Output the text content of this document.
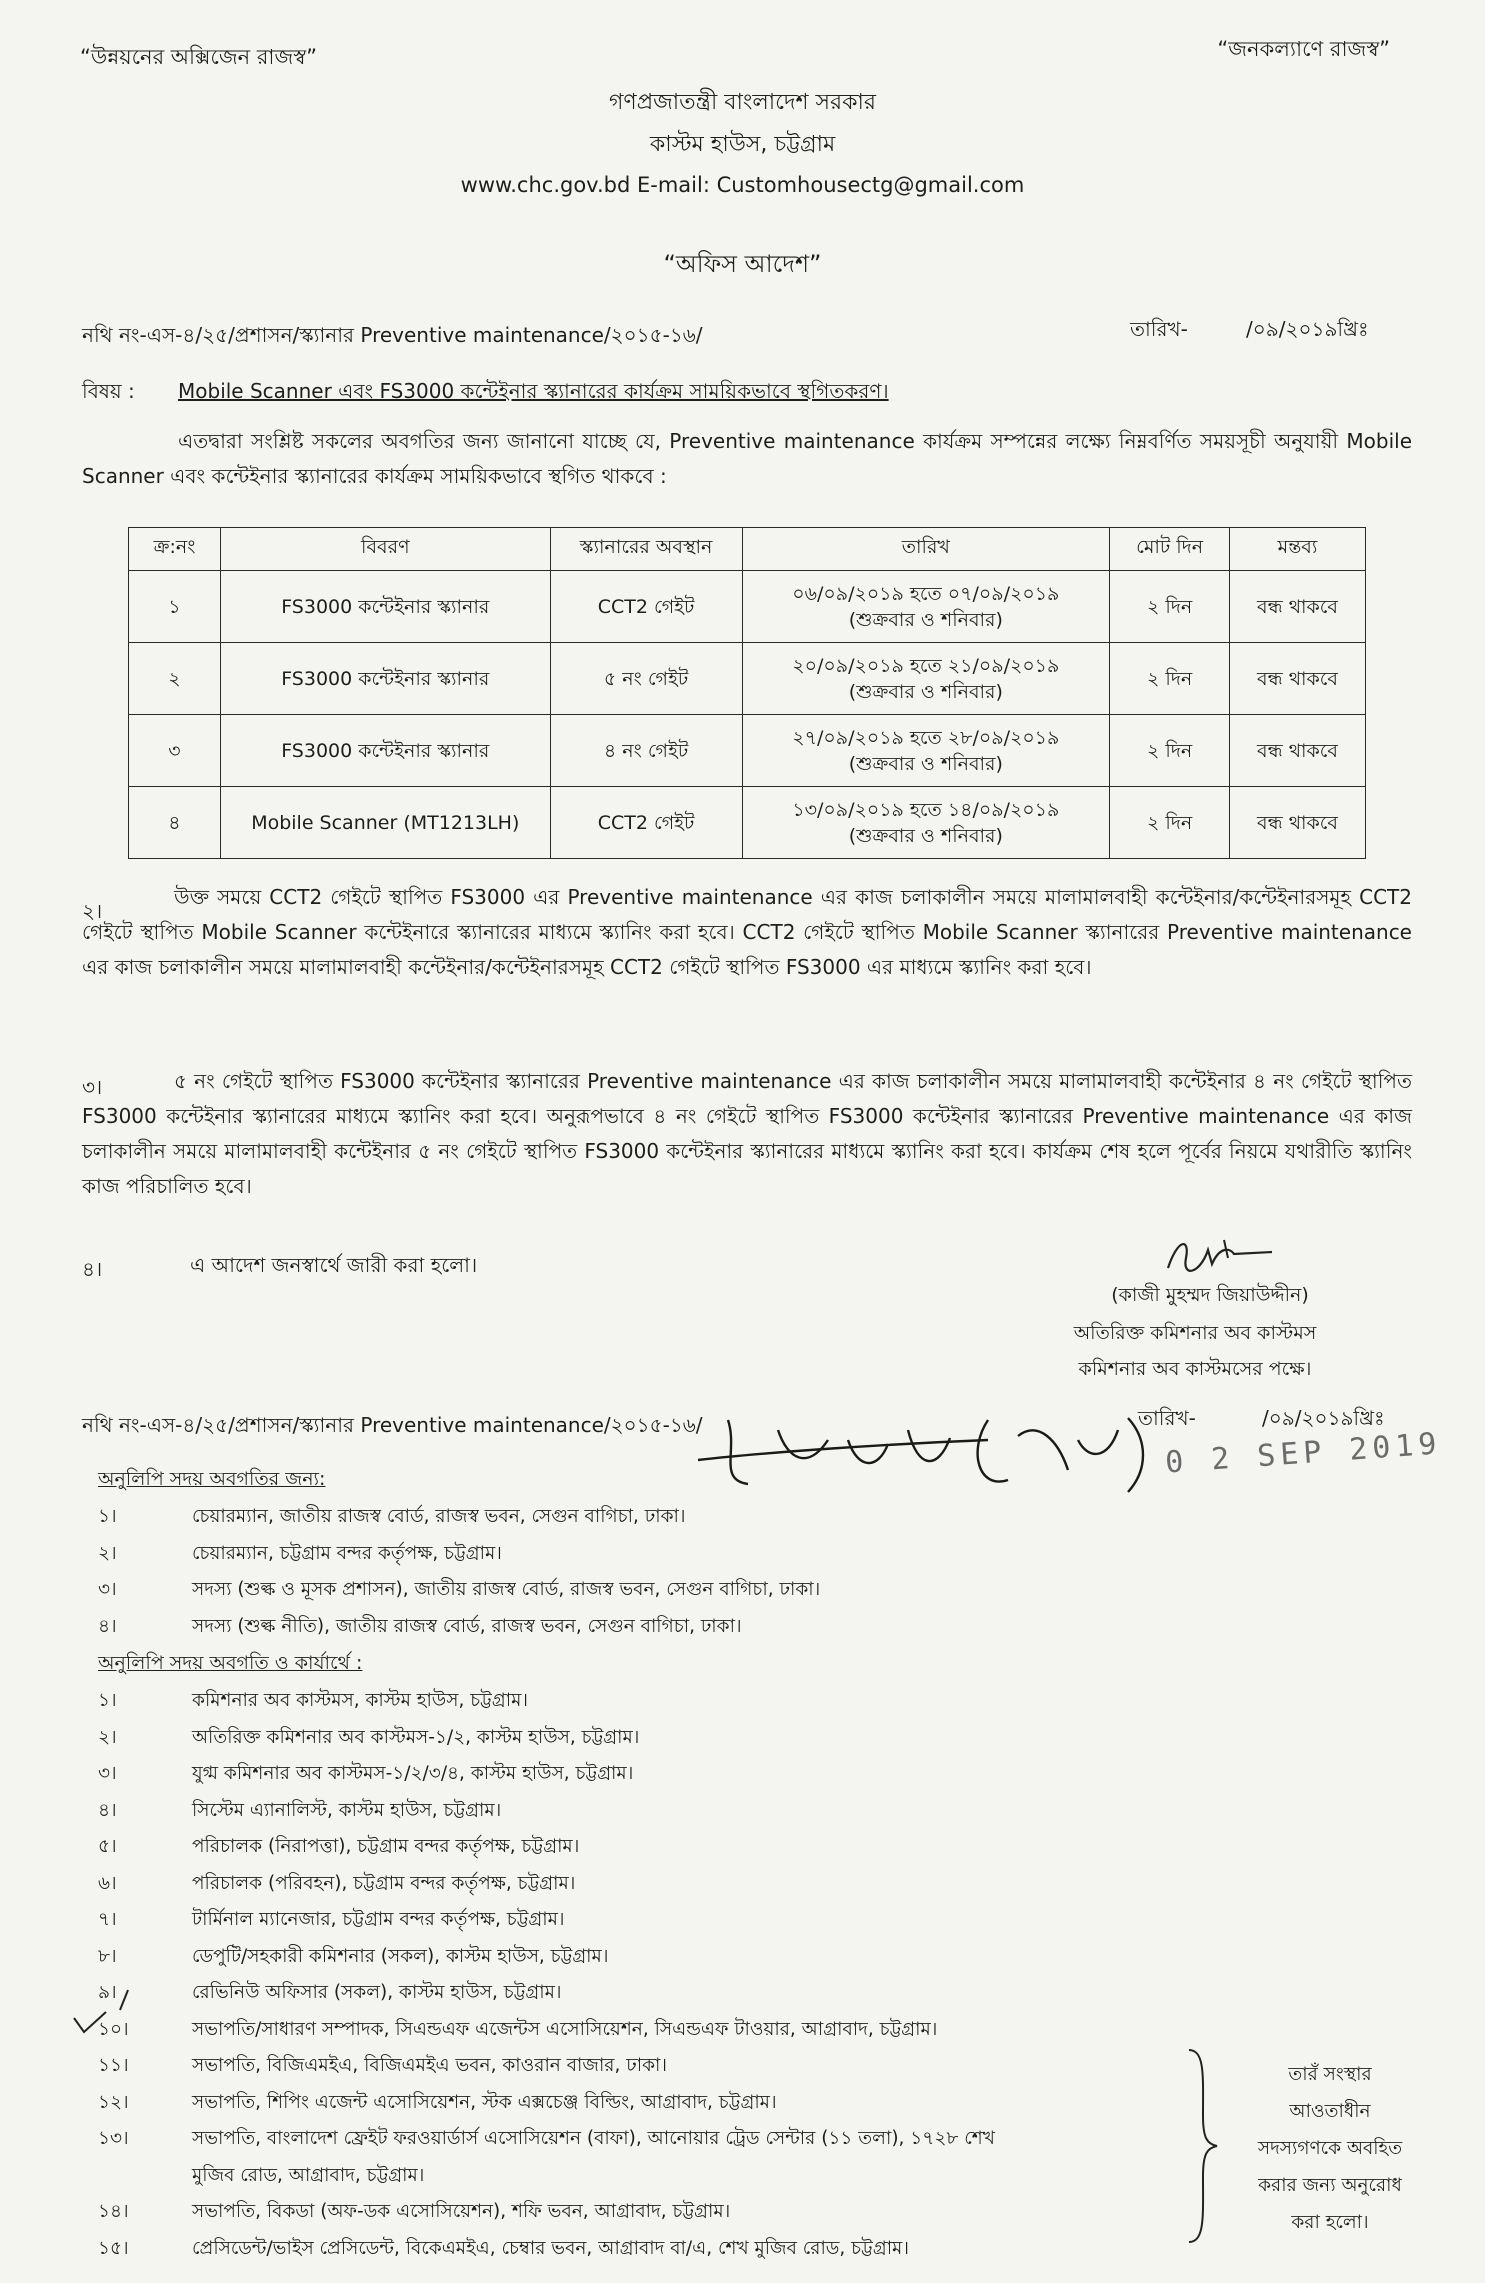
“উন্নয়নের অক্সিজেন রাজস্ব”	“জনকল্যাণে রাজস্ব”
গণপ্রজাতন্ত্রী বাংলাদেশ সরকার
কাস্টম হাউস, চট্টগ্রাম
www.chc.gov.bd E-mail: Customhousectg@gmail.com
“অফিস আদেশ”
নথি নং-এস-৪/২৫/প্রশাসন/স্ক্যানার Preventive maintenance/২০১৫-১৬/	তারিখ-	/০৯/২০১৯খ্রিঃ
বিষয় : Mobile Scanner এবং FS3000 কন্টেইনার স্ক্যানারের কার্যক্রম সাময়িকভাবে স্থগিতকরণ।
এতদ্বারা সংশ্লিষ্ট সকলের অবগতির জন্য জানানো যাচ্ছে যে, Preventive maintenance কার্যক্রম সম্পন্নের লক্ষ্যে নিম্নবর্ণিত সময়সূচী অনুযায়ী Mobile Scanner এবং কন্টেইনার স্ক্যানারের কার্যক্রম সাময়িকভাবে স্থগিত থাকবে :
ক্র:নং	বিবরণ	স্ক্যানারের অবস্থান	তারিখ	মোট দিন	মন্তব্য
১	FS3000 কন্টেইনার স্ক্যানার	CCT2 গেইট	০৬/০৯/২০১৯ হতে ০৭/০৯/২০১৯
(শুক্রবার ও শনিবার)	২ দিন	বন্ধ থাকবে
২	FS3000 কন্টেইনার স্ক্যানার	৫ নং গেইট	২০/০৯/২০১৯ হতে ২১/০৯/২০১৯
(শুক্রবার ও শনিবার)	২ দিন	বন্ধ থাকবে
৩	FS3000 কন্টেইনার স্ক্যানার	৪ নং গেইট	২৭/০৯/২০১৯ হতে ২৮/০৯/২০১৯
(শুক্রবার ও শনিবার)	২ দিন	বন্ধ থাকবে
৪	Mobile Scanner (MT1213LH)	CCT2 গেইট	১৩/০৯/২০১৯ হতে ১৪/০৯/২০১৯
(শুক্রবার ও শনিবার)	২ দিন	বন্ধ থাকবে
২।
উক্ত সময়ে CCT2 গেইটে স্থাপিত FS3000 এর Preventive maintenance এর কাজ চলাকালীন সময়ে মালামালবাহী কন্টেইনার/কন্টেইনারসমূহ CCT2 গেইটে স্থাপিত Mobile Scanner কন্টেইনারে স্ক্যানারের মাধ্যমে স্ক্যানিং করা হবে। CCT2 গেইটে স্থাপিত Mobile Scanner স্ক্যানারের Preventive maintenance এর কাজ চলাকালীন সময়ে মালামালবাহী কন্টেইনার/কন্টেইনারসমূহ CCT2 গেইটে স্থাপিত FS3000 এর মাধ্যমে স্ক্যানিং করা হবে।
৩।	৫ নং গেইটে স্থাপিত FS3000 কন্টেইনার স্ক্যানারের Preventive maintenance এর কাজ চলাকালীন সময়ে মালামালবাহী কন্টেইনার ৪ নং গেইটে স্থাপিত FS3000 কন্টেইনার স্ক্যানারের মাধ্যমে স্ক্যানিং করা হবে। অনুরূপভাবে ৪ নং গেইটে স্থাপিত FS3000 কন্টেইনার স্ক্যানারের Preventive maintenance এর কাজ চলাকালীন সময়ে মালামালবাহী কন্টেইনার ৫ নং গেইটে স্থাপিত FS3000 কন্টেইনার স্ক্যানারের মাধ্যমে স্ক্যানিং করা হবে। কার্যক্রম শেষ হলে পূর্বের নিয়মে যথারীতি স্ক্যানিং কাজ পরিচালিত হবে।
৪।	এ আদেশ জনস্বার্থে জারী করা হলো।
(কাজী মুহম্মদ জিয়াউদ্দীন)
অতিরিক্ত কমিশনার অব কাস্টমস
কমিশনার অব কাস্টমসের পক্ষে।
নথি নং-এস-৪/২৫/প্রশাসন/স্ক্যানার Preventive maintenance/২০১৫-১৬/	তারিখ-	/০৯/২০১৯খ্রিঃ
0 2 SEP 2019
অনুলিপি সদয় অবগতির জন্য:
১।	চেয়ারম্যান, জাতীয় রাজস্ব বোর্ড, রাজস্ব ভবন, সেগুন বাগিচা, ঢাকা।
২।	চেয়ারম্যান, চট্টগ্রাম বন্দর কর্তৃপক্ষ, চট্টগ্রাম।
৩।	সদস্য (শুল্ক ও মূসক প্রশাসন), জাতীয় রাজস্ব বোর্ড, রাজস্ব ভবন, সেগুন বাগিচা, ঢাকা।
৪।	সদস্য (শুল্ক নীতি), জাতীয় রাজস্ব বোর্ড, রাজস্ব ভবন, সেগুন বাগিচা, ঢাকা।
অনুলিপি সদয় অবগতি ও কার্যার্থে :
১।	কমিশনার অব কাস্টমস, কাস্টম হাউস, চট্টগ্রাম।
২।	অতিরিক্ত কমিশনার অব কাস্টমস-১/২, কাস্টম হাউস, চট্টগ্রাম।
৩।	যুগ্ম কমিশনার অব কাস্টমস-১/২/৩/৪, কাস্টম হাউস, চট্টগ্রাম।
৪।	সিস্টেম এ্যানালিস্ট, কাস্টম হাউস, চট্টগ্রাম।
৫।	পরিচালক (নিরাপত্তা), চট্টগ্রাম বন্দর কর্তৃপক্ষ, চট্টগ্রাম।
৬।	পরিচালক (পরিবহন), চট্টগ্রাম বন্দর কর্তৃপক্ষ, চট্টগ্রাম।
৭।	টার্মিনাল ম্যানেজার, চট্টগ্রাম বন্দর কর্তৃপক্ষ, চট্টগ্রাম।
৮।	ডেপুটি/সহকারী কমিশনার (সকল), কাস্টম হাউস, চট্টগ্রাম।
৯।	রেভিনিউ অফিসার (সকল), কাস্টম হাউস, চট্টগ্রাম।
১০।	সভাপতি/সাধারণ সম্পাদক, সিএন্ডএফ এজেন্টস এসোসিয়েশন, সিএন্ডএফ টাওয়ার, আগ্রাবাদ, চট্টগ্রাম।
১১।	সভাপতি, বিজিএমইএ, বিজিএমইএ ভবন, কাওরান বাজার, ঢাকা।
১২।	সভাপতি, শিপিং এজেন্ট এসোসিয়েশন, স্টক এক্সচেঞ্জ বিল্ডিং, আগ্রাবাদ, চট্টগ্রাম।
১৩।	সভাপতি, বাংলাদেশ ফ্রেইট ফরওয়ার্ডার্স এসোসিয়েশন (বাফা), আনোয়ার ট্রেড সেন্টার (১১ তলা), ১৭২৮ শেখ
মুজিব রোড, আগ্রাবাদ, চট্টগ্রাম।
১৪।	সভাপতি, বিকডা (অফ-ডক এসোসিয়েশন), শফি ভবন, আগ্রাবাদ, চট্টগ্রাম।
১৫।	প্রেসিডেন্ট/ভাইস প্রেসিডেন্ট, বিকেএমইএ, চেম্বার ভবন, আগ্রাবাদ বা/এ, শেখ মুজিব রোড, চট্টগ্রাম।
তারঁ সংস্থার
আওতাধীন
সদস্যগণকে অবহিত
করার জন্য অনুরোধ
করা হলো।
